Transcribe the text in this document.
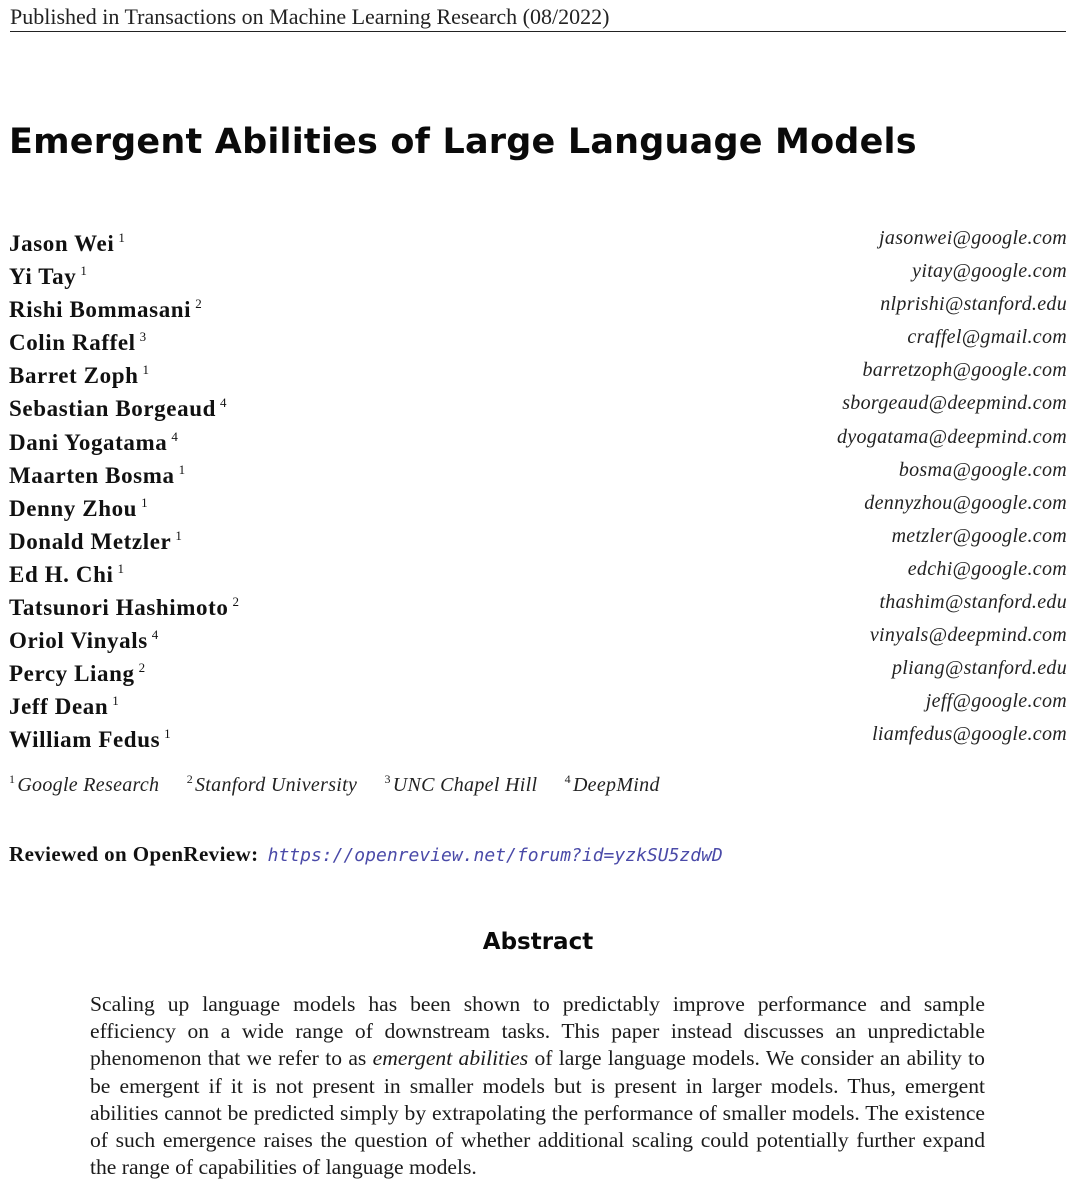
Published in Transactions on Machine Learning Research (08/2022)
Emergent Abilities of Large Language Models
Jason Wei $^1$	jasonwei@google.com
Yi Tay $^1$	yitay@google.com
Rishi Bommasani $^2$	nlprishi@stanford.edu
Colin Raffel $^3$	craffel@gmail.com
Barret Zoph $^1$	barretzoph@google.com
Sebastian Borgeaud $^4$	sborgeaud@deepmind.com
Dani Yogatama $^4$	dyogatama@deepmind.com
Maarten Bosma $^1$	bosma@google.com
Denny Zhou $^1$	dennyzhou@google.com
Donald Metzler $^1$	metzler@google.com
Ed H. Chi $^1$	edchi@google.com
Tatsunori Hashimoto $^2$	thashim@stanford.edu
Oriol Vinyals $^4$	vinyals@deepmind.com
Percy Liang $^2$	pliang@stanford.edu
Jeff Dean $^1$	jeff@google.com
William Fedus $^1$	liamfedus@google.com
$^1$ Google Research $^2$ Stanford University $^3$ UNC Chapel Hill $^4$ DeepMind
Reviewed on OpenReview: https://openreview.net/forum?id=yzkSU5zdwD
Abstract

Scaling up language models has been shown to predictably improve performance and sample efficiency on a wide range of downstream tasks. This paper instead discusses an unpredictable phenomenon that we refer to as emergent abilities of large language models. We consider an ability to be emergent if it is not present in smaller models but is present in larger models. Thus, emergent abilities cannot be predicted simply by extrapolating the performance of smaller models. The existence of such emergence raises the question of whether additional scaling could potentially further expand the range of capabilities of language models.
